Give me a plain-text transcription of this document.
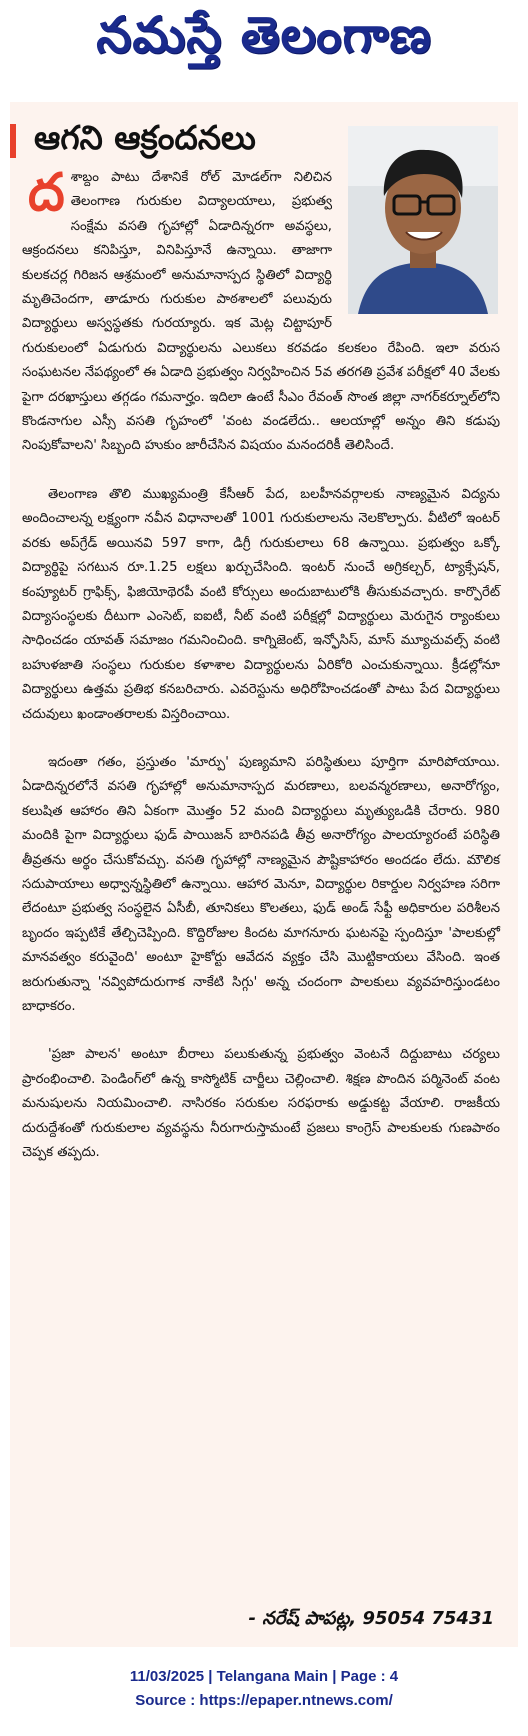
నమస్తే తెలంగాణ
ఆగని ఆక్రందనలు

దశాబ్దం పాటు దేశానికే రోల్ మోడల్‌గా నిలిచిన తెలంగాణ గురుకుల విద్యాలయాలు, ప్రభుత్వ సంక్షేమ వసతి గృహాల్లో ఏడాదిన్నరగా అవస్థలు, ఆక్రందనలు కనిపిస్తూ, వినిపిస్తూనే ఉన్నాయి. తాజాగా కులకచర్ల గిరిజన ఆశ్రమంలో అనుమానాస్పద స్థితిలో విద్యార్థి మృతిచెందగా, తాడూరు గురుకుల పాఠశాలలో పలువురు విద్యార్థులు అస్వస్థతకు గురయ్యారు. ఇక మెట్ల చిట్టాపూర్ గురుకులంలో ఏడుగురు విద్యార్థులను ఎలుకలు కరవడం కలకలం రేపింది. ఇలా వరుస సంఘటనల నేపథ్యంలో ఈ ఏడాది ప్రభుత్వం నిర్వహించిన 5వ తరగతి ప్రవేశ పరీక్షలో 40 వేలకు పైగా దరఖాస్తులు తగ్గడం గమనార్హం. ఇదిలా ఉంటే సీఎం రేవంత్ సొంత జిల్లా నాగర్‌కర్నూల్‌లోని కొండనాగుల ఎస్సీ వసతి గృహంలో 'వంట వండలేదు.. ఆలయాల్లో అన్నం తిని కడుపు నింపుకోవాలని' సిబ్బంది హుకుం జారీచేసిన విషయం మనందరికీ తెలిసిందే.

తెలంగాణ తొలి ముఖ్యమంత్రి కేసీఆర్ పేద, బలహీనవర్గాలకు నాణ్యమైన విద్యను అందించాలన్న లక్ష్యంగా నవీన విధానాలతో 1001 గురుకులాలను నెలకొల్పారు. వీటిలో ఇంటర్ వరకు అప్‌గ్రేడ్ అయినవి 597 కాగా, డిగ్రీ గురుకులాలు 68 ఉన్నాయి. ప్రభుత్వం ఒక్కో విద్యార్థిపై సగటున రూ.1.25 లక్షలు ఖర్చుచేసింది. ఇంటర్ నుంచే అగ్రికల్చర్, ట్యాక్సేషన్, కంప్యూటర్ గ్రాఫిక్స్, ఫిజియోథెరపీ వంటి కోర్సులు అందుబాటులోకి తీసుకువచ్చారు. కార్పొరేట్ విద్యాసంస్థలకు దీటుగా ఎంసెట్, ఐఐటీ, నీట్ వంటి పరీక్షల్లో విద్యార్థులు మెరుగైన ర్యాంకులు సాధించడం యావత్ సమాజం గమనించింది. కాగ్నిజెంట్, ఇన్ఫోసిస్, మాస్ మ్యూచువల్స్ వంటి బహుళజాతి సంస్థలు గురుకుల కళాశాల విద్యార్థులను ఏరికోరి ఎంచుకున్నాయి. క్రీడల్లోనూ విద్యార్థులు ఉత్తమ ప్రతిభ కనబరిచారు. ఎవరెస్టును అధిరోహించడంతో పాటు పేద విద్యార్థులు చదువులు ఖండాంతరాలకు విస్తరించాయి.

ఇదంతా గతం, ప్రస్తుతం 'మార్పు' పుణ్యమాని పరిస్థితులు పూర్తిగా మారిపోయాయి. ఏడాదిన్నరలోనే వసతి గృహాల్లో అనుమానాస్పద మరణాలు, బలవన్మరణాలు, అనారోగ్యం, కలుషిత ఆహారం తిని ఏకంగా మొత్తం 52 మంది విద్యార్థులు మృత్యుఒడికి చేరారు. 980 మందికి పైగా విద్యార్థులు ఫుడ్ పాయిజన్ బారినపడి తీవ్ర అనారోగ్యం పాలయ్యారంటే పరిస్థితి తీవ్రతను అర్థం చేసుకోవచ్చు. వసతి గృహాల్లో నాణ్యమైన పౌష్టికాహారం అందడం లేదు. మౌలిక సదుపాయాలు అధ్వాన్నస్థితిలో ఉన్నాయి. ఆహార మెనూ, విద్యార్థుల రికార్డుల నిర్వహణ సరిగా లేదంటూ ప్రభుత్వ సంస్థలైన ఏసీబీ, తూనికలు కొలతలు, ఫుడ్ అండ్ సేఫ్టీ అధికారుల పరిశీలన బృందం ఇప్పటికే తేల్చిచెప్పింది. కొద్దిరోజుల కిందట మాగనూరు ఘటనపై స్పందిస్తూ 'పాలకుల్లో మానవత్వం కరువైంది' అంటూ హైకోర్టు ఆవేదన వ్యక్తం చేసి మొట్టికాయలు వేసింది. ఇంత జరుగుతున్నా 'నవ్విపోదురుగాక నాకేటి సిగ్గు' అన్న చందంగా పాలకులు వ్యవహరిస్తుండటం బాధాకరం.

'ప్రజా పాలన' అంటూ బీరాలు పలుకుతున్న ప్రభుత్వం వెంటనే దిద్దుబాటు చర్యలు ప్రారంభించాలి. పెండింగ్‌లో ఉన్న కాస్మోటిక్ చార్జీలు చెల్లించాలి. శిక్షణ పొందిన పర్మినెంట్ వంట మనుషులను నియమించాలి. నాసిరకం సరుకుల సరఫరాకు అడ్డుకట్ట వేయాలి. రాజకీయ దురుద్దేశంతో గురుకులాల వ్యవస్థను నీరుగారుస్తామంటే ప్రజలు కాంగ్రెస్ పాలకులకు గుణపాఠం చెప్పక తప్పదు.

- నరేష్ పాపట్ల, 95054 75431
11/03/2025 | Telangana Main | Page : 4
Source : https://epaper.ntnews.com/
